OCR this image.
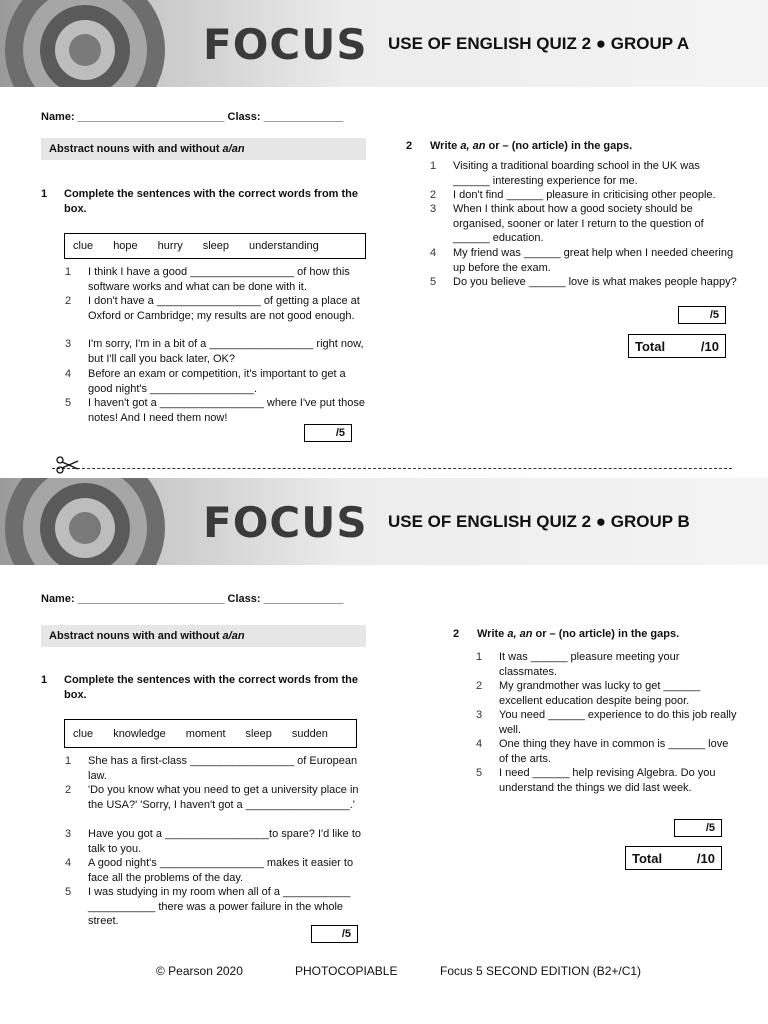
FOCUS USE OF ENGLISH QUIZ 2 ● GROUP A
Name: ________________________ Class: _____________
Abstract nouns with and without a/an
1 Complete the sentences with the correct words from the box.
clue hope hurry sleep understanding
1 I think I have a good _________________ of how this software works and what can be done with it.
2 I don't have a _________________ of getting a place at Oxford or Cambridge; my results are not good enough.
3 I'm sorry, I'm in a bit of a _________________ right now, but I'll call you back later, OK?
4 Before an exam or competition, it's important to get a good night's _________________.
5 I haven't got a _________________ where I've put those notes! And I need them now!
/5
2 Write a, an or – (no article) in the gaps.
1 Visiting a traditional boarding school in the UK was ______ interesting experience for me.
2 I don't find ______ pleasure in criticising other people.
3 When I think about how a good society should be organised, sooner or later I return to the question of ______ education.
4 My friend was ______ great help when I needed cheering up before the exam.
5 Do you believe ______ love is what makes people happy?
/5
Total	/10
FOCUS USE OF ENGLISH QUIZ 2 ● GROUP B
Name: ________________________ Class: _____________
Abstract nouns with and without a/an
1 Complete the sentences with the correct words from the box.
clue knowledge moment sleep sudden
1 She has a first-class _________________ of European law.
2 'Do you know what you need to get a university place in the USA?' 'Sorry, I haven't got a _________________.'
3 Have you got a _________________to spare? I'd like to talk to you.
4 A good night's _________________ makes it easier to face all the problems of the day.
5 I was studying in my room when all of a ___________ ___________ there was a power failure in the whole street.
/5
2 Write a, an or – (no article) in the gaps.
1 It was ______ pleasure meeting your classmates.
2 My grandmother was lucky to get ______ excellent education despite being poor.
3 You need ______ experience to do this job really well.
4 One thing they have in common is ______ love of the arts.
5 I need ______ help revising Algebra. Do you understand the things we did last week.
/5
Total	/10
© Pearson 2020	PHOTOCOPIABLE	Focus 5 SECOND EDITION (B2+/C1)
